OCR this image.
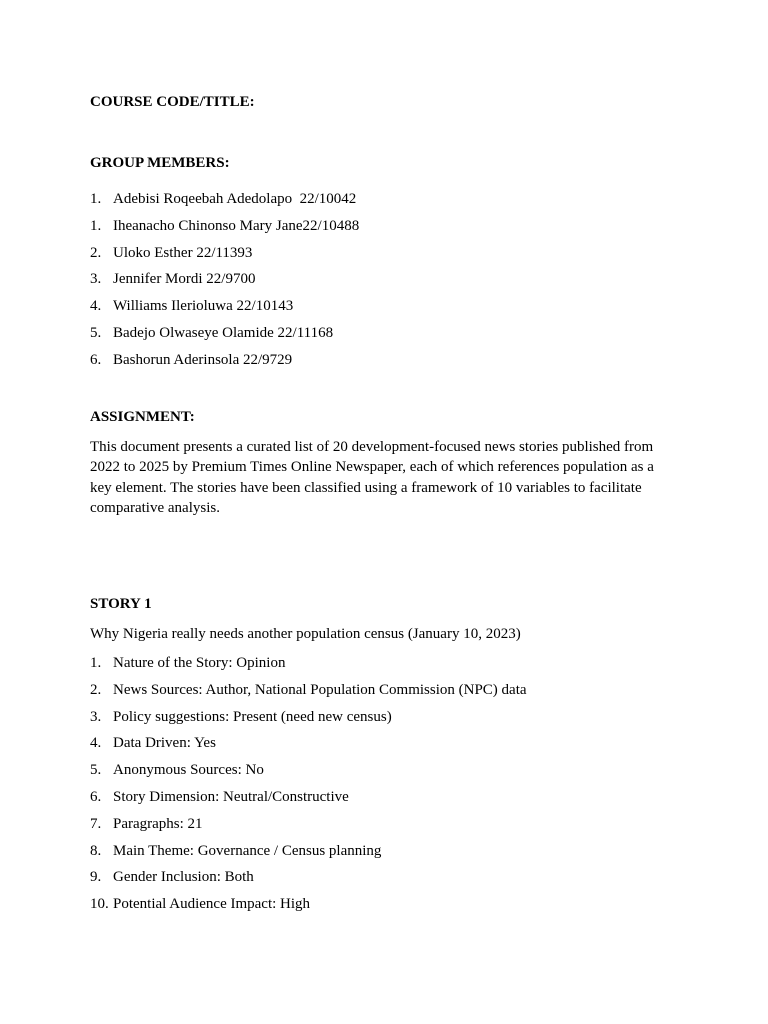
COURSE CODE/TITLE:

GROUP MEMBERS:

1. Adebisi Roqeebah Adedolapo  22/10042
1. Iheanacho Chinonso Mary Jane22/10488
2. Uloko Esther 22/11393
3. Jennifer Mordi 22/9700
4. Williams Ilerioluwa 22/10143
5. Badejo Olwaseye Olamide 22/11168
6. Bashorun Aderinsola 22/9729

ASSIGNMENT:

This document presents a curated list of 20 development-focused news stories published from 2022 to 2025 by Premium Times Online Newspaper, each of which references population as a key element. The stories have been classified using a framework of 10 variables to facilitate comparative analysis.

STORY 1

Why Nigeria really needs another population census (January 10, 2023)

1. Nature of the Story: Opinion
2. News Sources: Author, National Population Commission (NPC) data
3. Policy suggestions: Present (need new census)
4. Data Driven: Yes
5. Anonymous Sources: No
6. Story Dimension: Neutral/Constructive
7. Paragraphs: 21
8. Main Theme: Governance / Census planning
9. Gender Inclusion: Both
10. Potential Audience Impact: High
